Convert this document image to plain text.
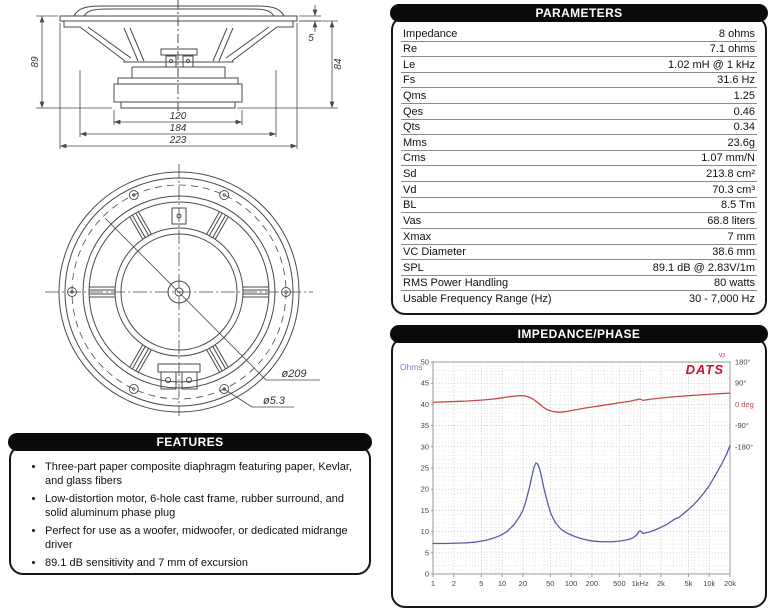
89
5
84
120
184
223
ø209
ø5.3
PARAMETERS
Impedance	8 ohms
Re	7.1 ohms
Le	1.02 mH @ 1 kHz
Fs	31.6 Hz
Qms	1.25
Qes	0.46
Qts	0.34
Mms	23.6g
Cms	1.07 mm/N
Sd	213.8 cm²
Vd	70.3 cm³
BL	8.5 Tm
Vas	68.8 liters
Xmax	7 mm
VC Diameter	38.6 mm
SPL	89.1 dB @ 2.83V/1m
RMS Power Handling	80 watts
Usable Frequency Range (Hz)	30 - 7,000 Hz
FEATURES
• Three-part paper composite diaphragm featuring paper, Kevlar, and glass fibers
• Low-distortion motor, 6-hole cast frame, rubber surround, and solid aluminum phase plug
• Perfect for use as a woofer, midwoofer, or dedicated midrange driver
• 89.1 dB sensitivity and 7 mm of excursion
IMPEDANCE/PHASE
0
5
10
15
20
25
30
35
40
45
50
1 2	5 10 20	50 100 200 500 1kHz 2k	5k 10k 20k
180°
90°
0 deg
-90°
-180°
Ohms
V3
DATS
